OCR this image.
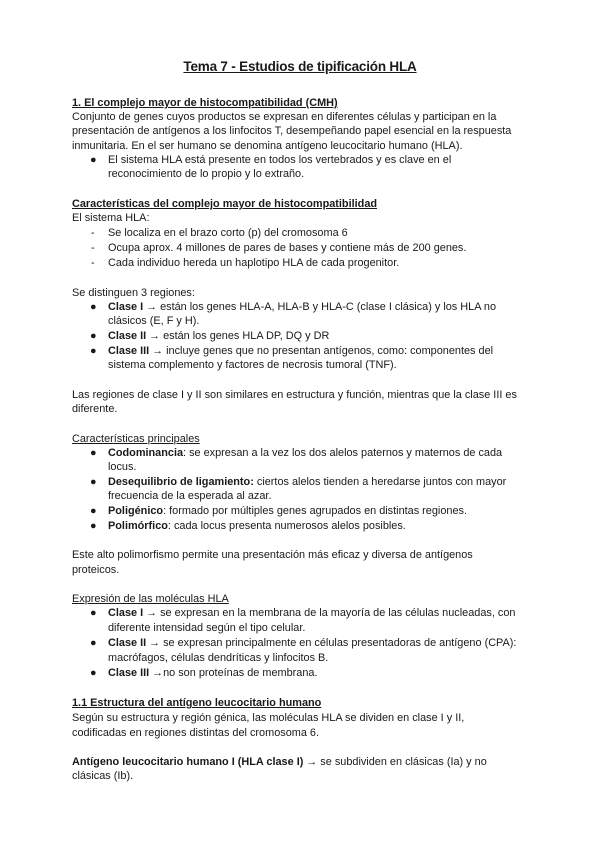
Tema 7 - Estudios de tipificación HLA
1. El complejo mayor de histocompatibilidad (CMH)
Conjunto de genes cuyos productos se expresan en diferentes células y participan en la
presentación de antígenos a los linfocitos T, desempeñando papel esencial en la respuesta
inmunitaria. En el ser humano se denomina antígeno leucocitario humano (HLA).
● El sistema HLA está presente en todos los vertebrados y es clave en el
reconocimiento de lo propio y lo extraño.
Características del complejo mayor de histocompatibilidad
El sistema HLA:
- Se localiza en el brazo corto (p) del cromosoma 6
- Ocupa aprox. 4 millones de pares de bases y contiene más de 200 genes.
- Cada individuo hereda un haplotipo HLA de cada progenitor.
Se distinguen 3 regiones:
● Clase I → están los genes HLA-A, HLA-B y HLA-C (clase I clásica) y los HLA no
clásicos (E, F y H).
● Clase II → están los genes HLA DP, DQ y DR
● Clase III → incluye genes que no presentan antígenos, como: componentes del
sistema complemento y factores de necrosis tumoral (TNF).
Las regiones de clase I y II son similares en estructura y función, mientras que la clase III es
diferente.
Características principales
● Codominancia: se expresan a la vez los dos alelos paternos y maternos de cada
locus.
● Desequilibrio de ligamiento: ciertos alelos tienden a heredarse juntos con mayor
frecuencia de la esperada al azar.
● Poligénico: formado por múltiples genes agrupados en distintas regiones.
● Polimórfico: cada locus presenta numerosos alelos posibles.
Este alto polimorfismo permite una presentación más eficaz y diversa de antígenos
proteicos.
Expresión de las moléculas HLA
● Clase I → se expresan en la membrana de la mayoría de las células nucleadas, con
diferente intensidad según el tipo celular.
● Clase II → se expresan principalmente en células presentadoras de antígeno (CPA):
macrófagos, células dendríticas y linfocitos B.
● Clase III →no son proteínas de membrana.
1.1 Estructura del antígeno leucocitario humano
Según su estructura y región génica, las moléculas HLA se dividen en clase I y II,
codificadas en regiones distintas del cromosoma 6.
Antígeno leucocitario humano I (HLA clase I) → se subdividen en clásicas (Ia) y no
clásicas (Ib).
